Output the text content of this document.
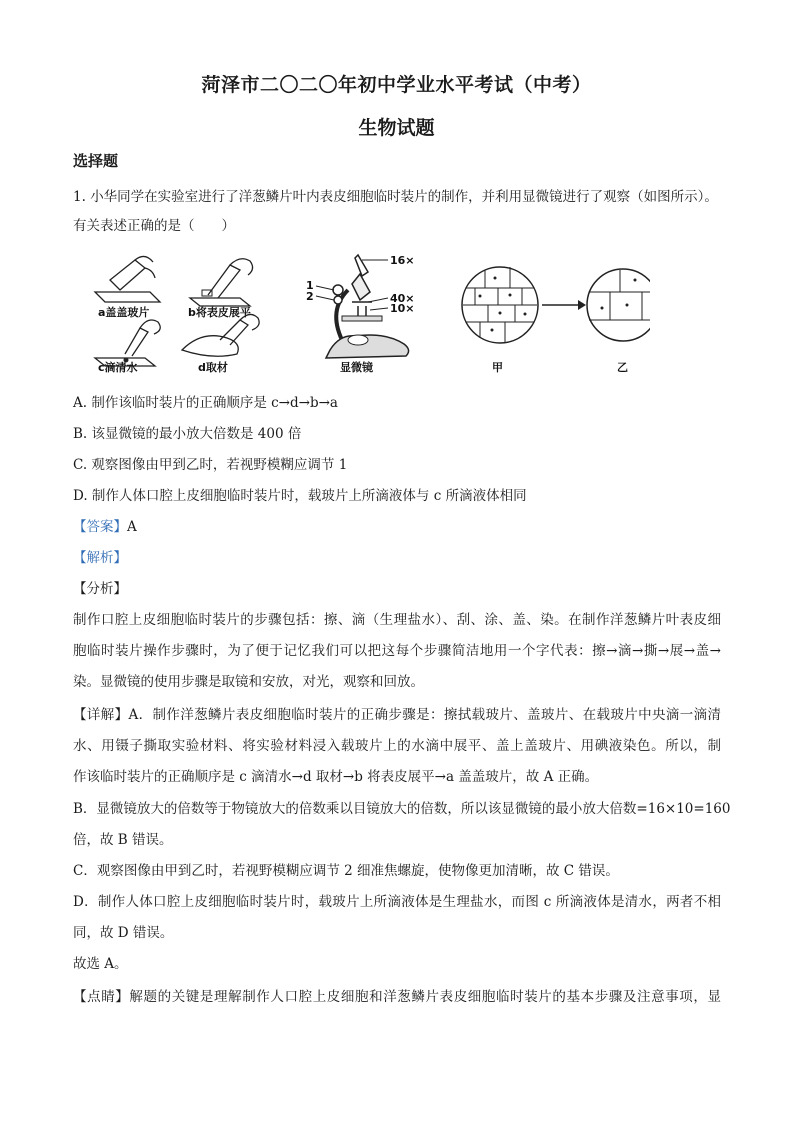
菏泽市二〇二〇年初中学业水平考试（中考）
生物试题
选择题
1. 小华同学在实验室进行了洋葱鳞片叶内表皮细胞临时装片的制作，并利用显微镜进行了观察（如图所示）。
有关表述正确的是（　　）
a盖盖玻片	b将表皮展平
c滴清水	d取材
16×
40×
10×
1
2
显微镜	甲	乙
A. 制作该临时装片的正确顺序是 c→d→b→a
B. 该显微镜的最小放大倍数是 400 倍
C. 观察图像由甲到乙时，若视野模糊应调节 1
D. 制作人体口腔上皮细胞临时装片时，载玻片上所滴液体与 c 所滴液体相同
【答案】A
【解析】
【分析】
制作口腔上皮细胞临时装片的步骤包括：擦、滴（生理盐水）、刮、涂、盖、染。在制作洋葱鳞片叶表皮细
胞临时装片操作步骤时，为了便于记忆我们可以把这每个步骤简洁地用一个字代表：擦→滴→撕→展→盖→
染。显微镜的使用步骤是取镜和安放，对光，观察和回放。
【详解】A．制作洋葱鳞片表皮细胞临时装片的正确步骤是：擦拭载玻片、盖玻片、在载玻片中央滴一滴清
水、用镊子撕取实验材料、将实验材料浸入载玻片上的水滴中展平、盖上盖玻片、用碘液染色。所以，制
作该临时装片的正确顺序是 c 滴清水→d 取材→b 将表皮展平→a 盖盖玻片，故 A 正确。
B．显微镜放大的倍数等于物镜放大的倍数乘以目镜放大的倍数，所以该显微镜的最小放大倍数=16×10=160
倍，故 B 错误。
C．观察图像由甲到乙时，若视野模糊应调节 2 细准焦螺旋，使物像更加清晰，故 C 错误。
D．制作人体口腔上皮细胞临时装片时，载玻片上所滴液体是生理盐水，而图 c 所滴液体是清水，两者不相
同，故 D 错误。
故选 A。
【点睛】解题的关键是理解制作人口腔上皮细胞和洋葱鳞片表皮细胞临时装片的基本步骤及注意事项，显
